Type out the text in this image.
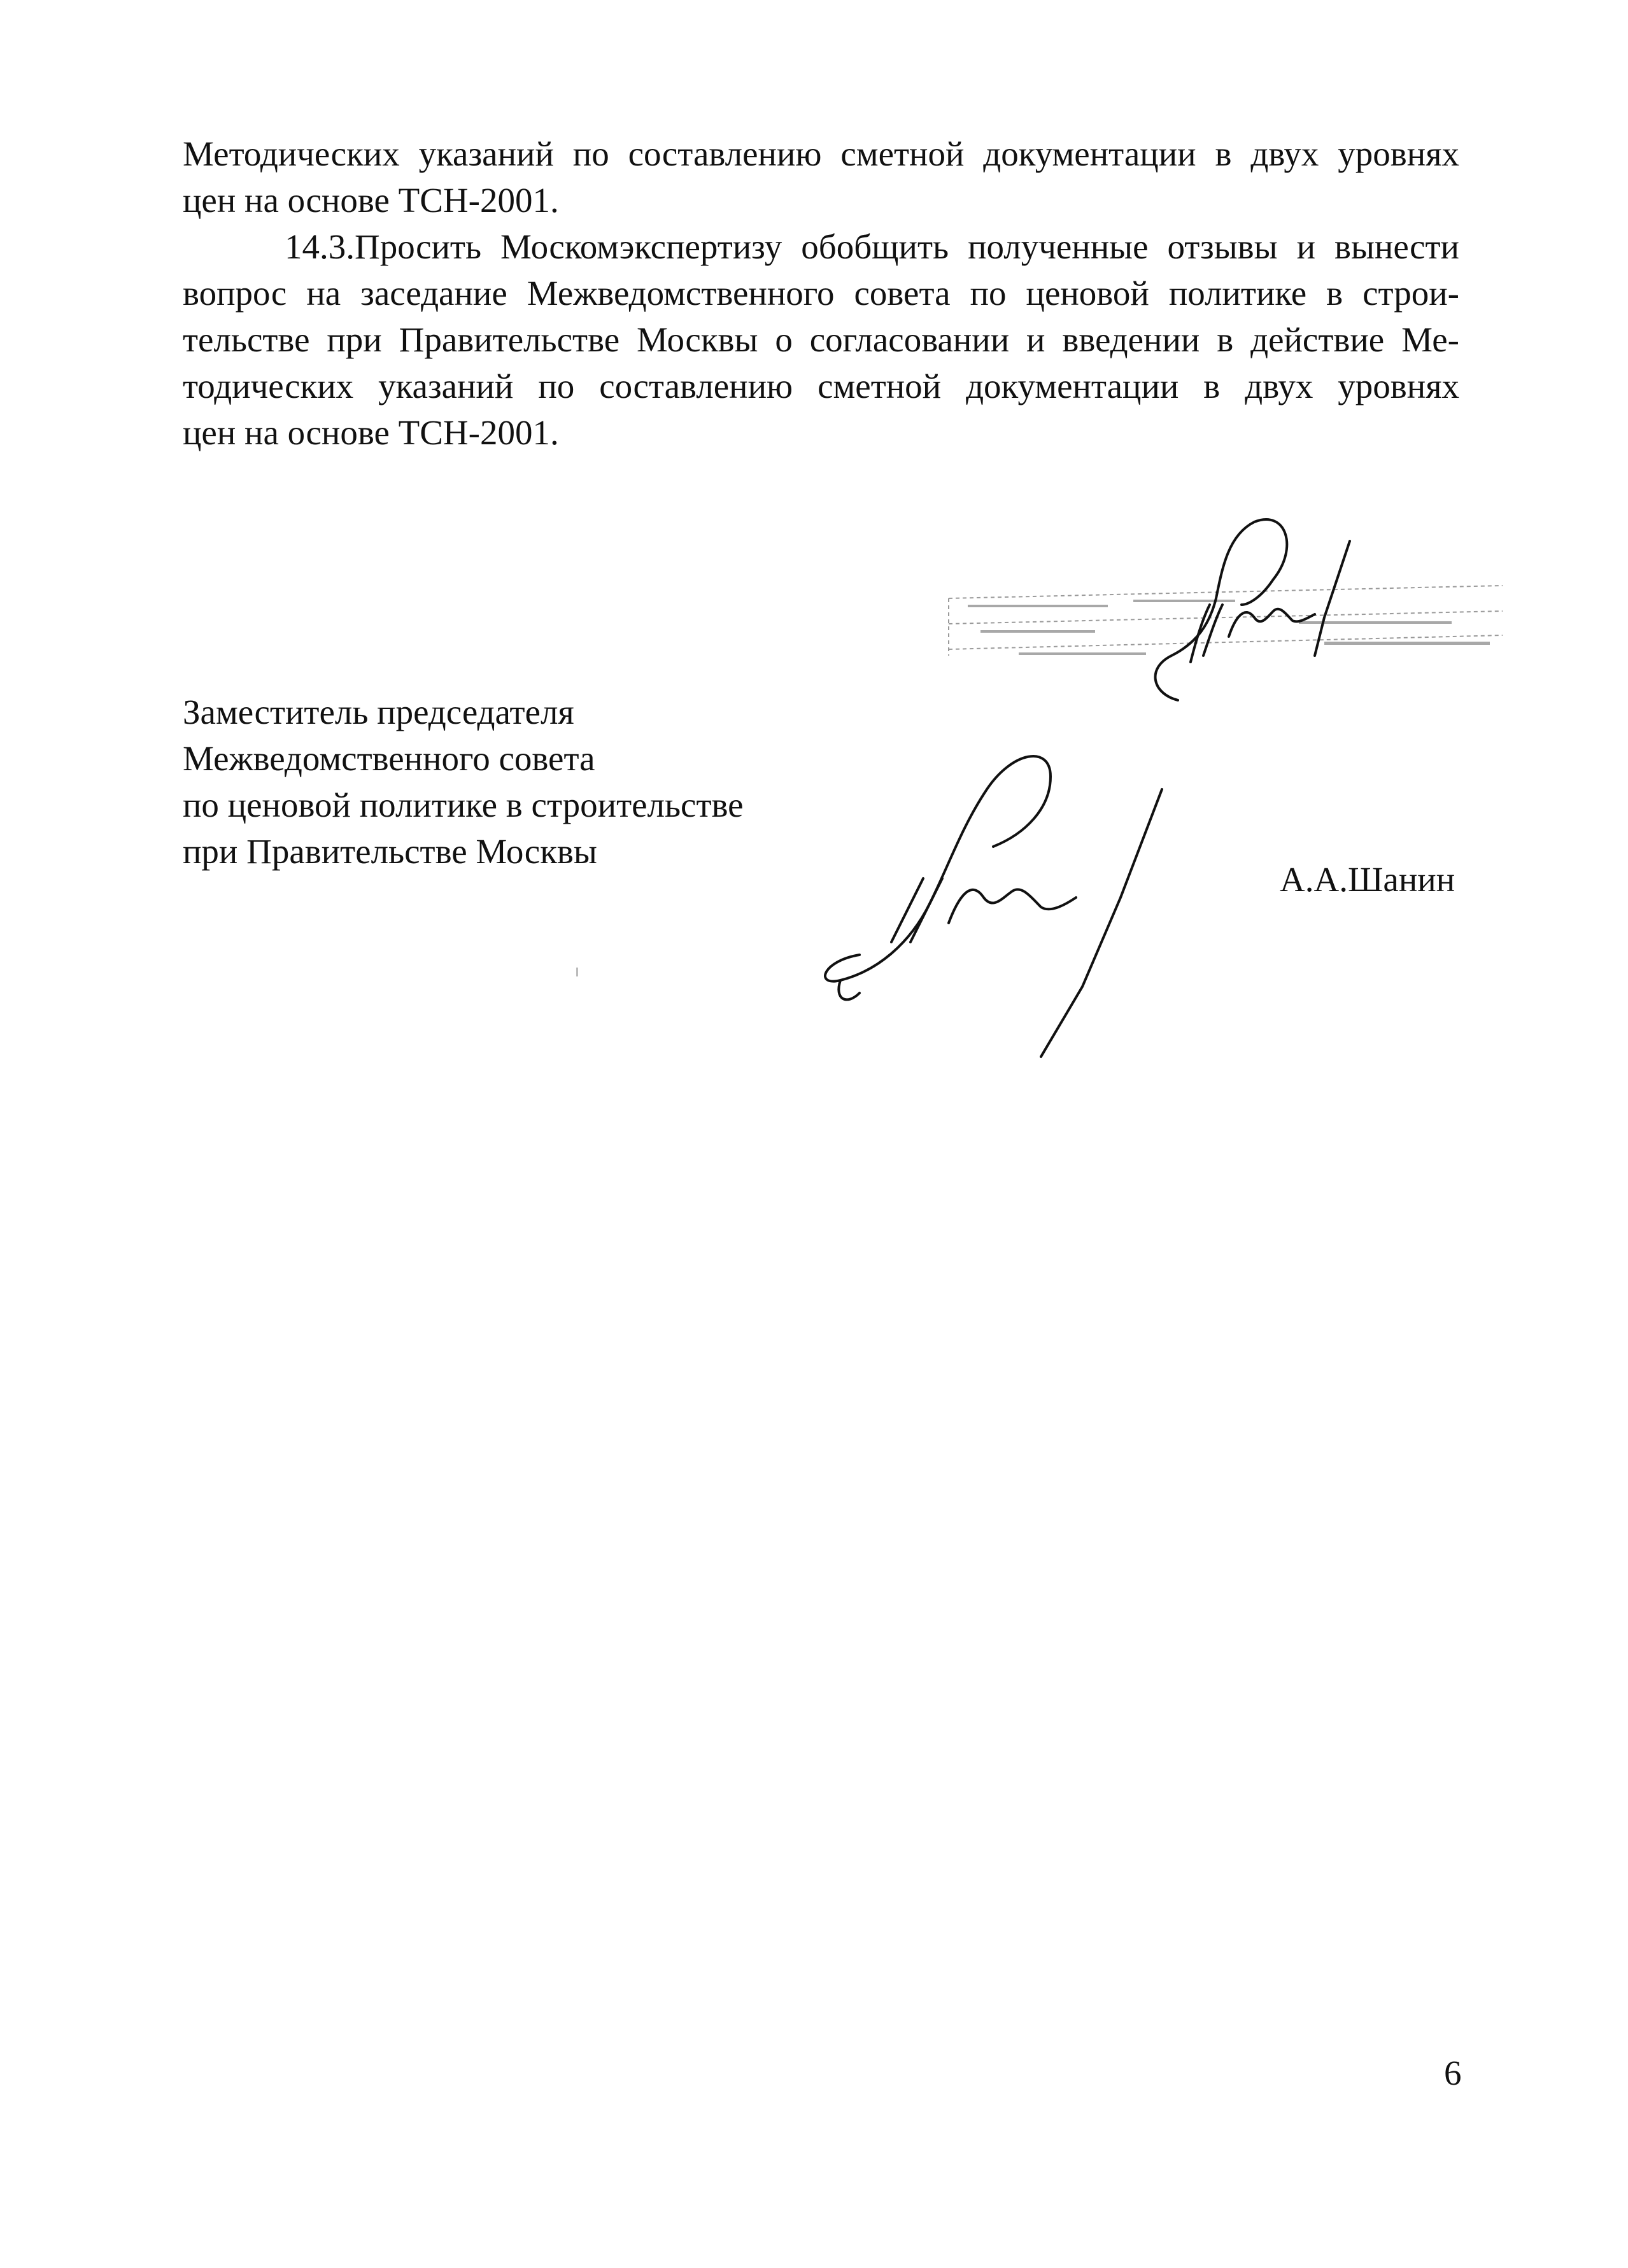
Методических указаний по составлению сметной документации в двух уровнях
цен на основе ТСН-2001.
14.3.Просить Москомэкспертизу обобщить полученные отзывы и вынести
вопрос на заседание Межведомственного совета по ценовой политике в строи-
тельстве при Правительстве Москвы о согласовании и введении в действие Ме-
тодических указаний по составлению сметной документации в двух уровнях
цен на основе ТСН-2001.
Заместитель председателя
Межведомственного совета
по ценовой политике в строительстве
при Правительстве Москвы
А.А.Шанин
6
